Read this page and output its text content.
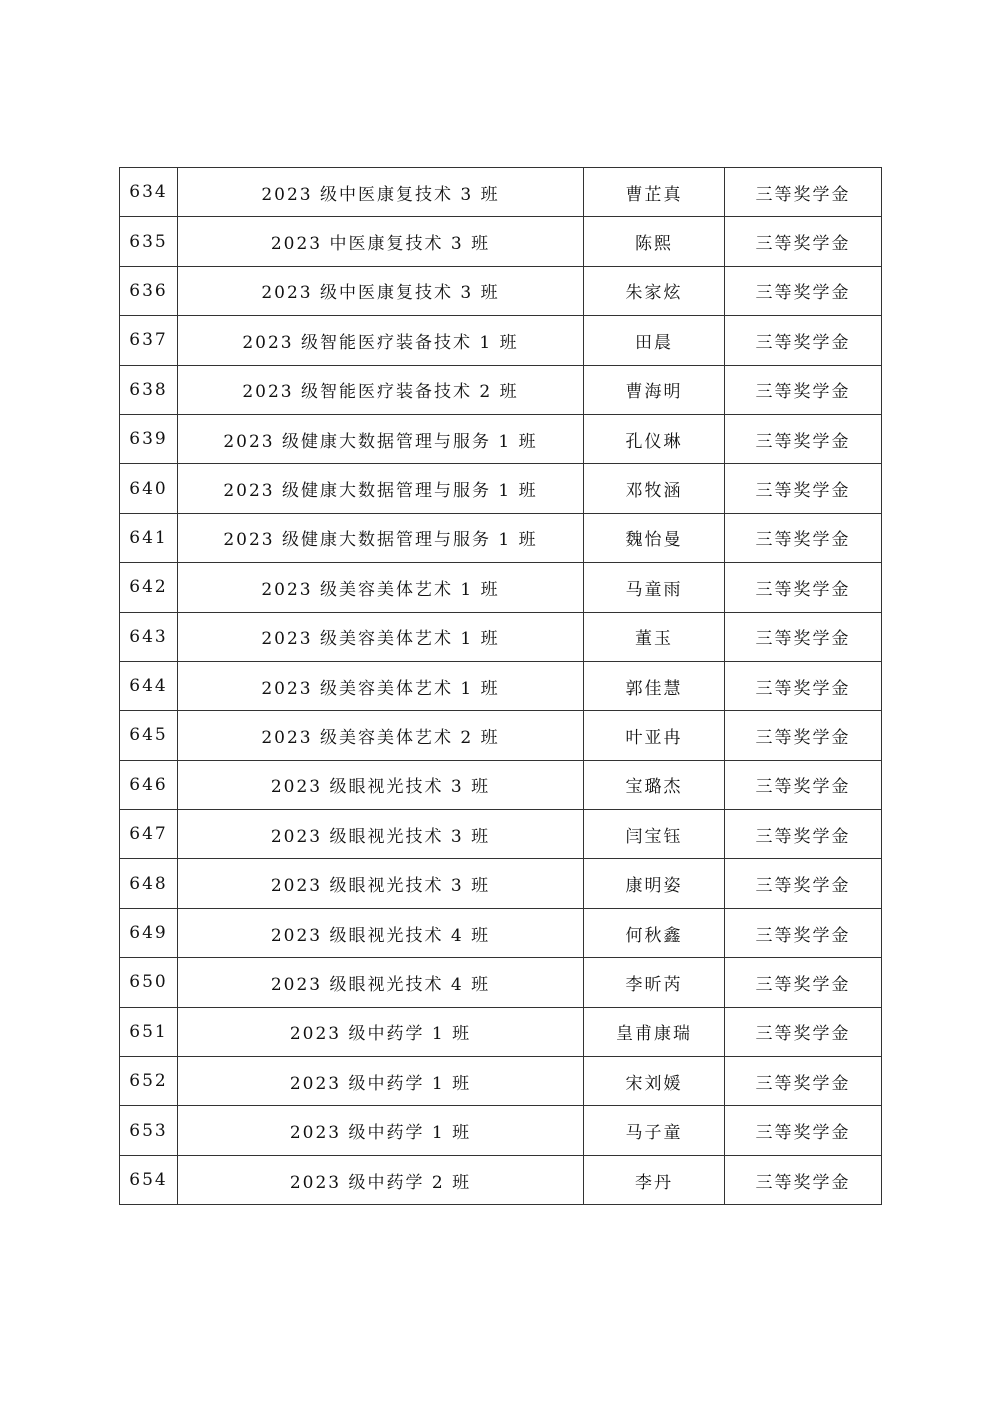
634	2023 级中医康复技术 3 班	曹芷真	三等奖学金
635	2023 中医康复技术 3 班	陈熙	三等奖学金
636	2023 级中医康复技术 3 班	朱家炫	三等奖学金
637	2023 级智能医疗装备技术 1 班	田晨	三等奖学金
638	2023 级智能医疗装备技术 2 班	曹海明	三等奖学金
639	2023 级健康大数据管理与服务 1 班	孔仪琳	三等奖学金
640	2023 级健康大数据管理与服务 1 班	邓牧涵	三等奖学金
641	2023 级健康大数据管理与服务 1 班	魏怡曼	三等奖学金
642	2023 级美容美体艺术 1 班	马童雨	三等奖学金
643	2023 级美容美体艺术 1 班	董玉	三等奖学金
644	2023 级美容美体艺术 1 班	郭佳慧	三等奖学金
645	2023 级美容美体艺术 2 班	叶亚冉	三等奖学金
646	2023 级眼视光技术 3 班	宝璐杰	三等奖学金
647	2023 级眼视光技术 3 班	闫宝钰	三等奖学金
648	2023 级眼视光技术 3 班	康明姿	三等奖学金
649	2023 级眼视光技术 4 班	何秋鑫	三等奖学金
650	2023 级眼视光技术 4 班	李昕芮	三等奖学金
651	2023 级中药学 1 班	皇甫康瑞	三等奖学金
652	2023 级中药学 1 班	宋刘媛	三等奖学金
653	2023 级中药学 1 班	马子童	三等奖学金
654	2023 级中药学 2 班	李丹	三等奖学金
